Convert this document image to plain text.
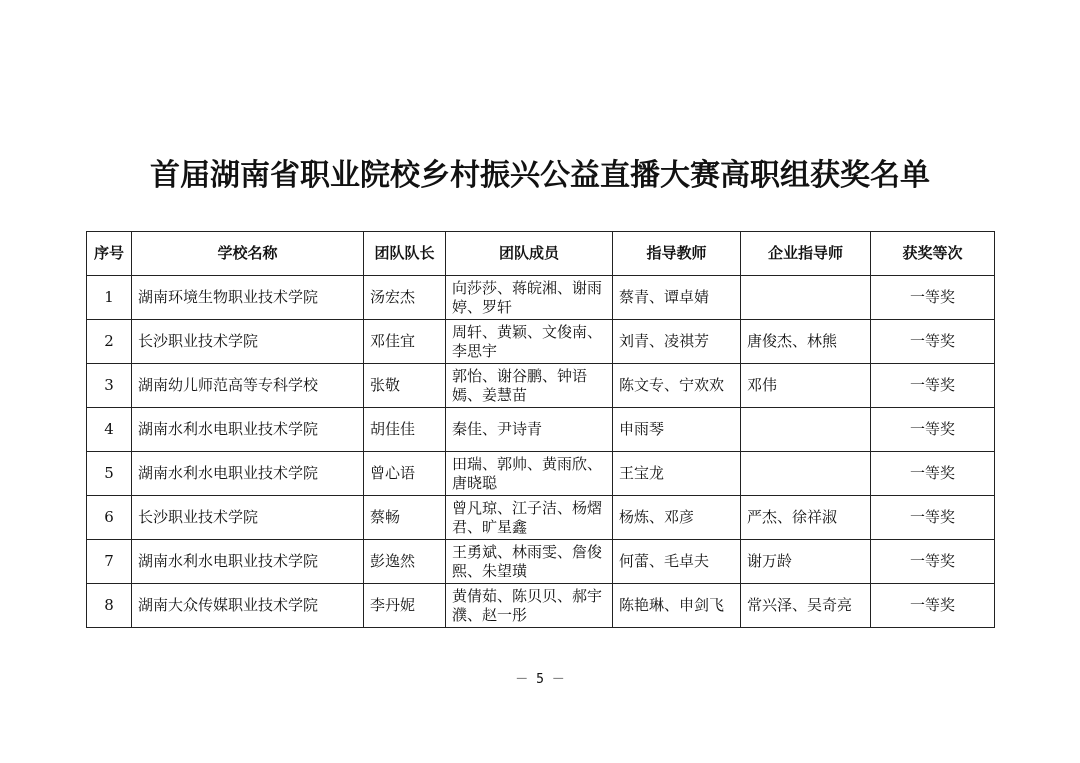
首届湖南省职业院校乡村振兴公益直播大赛高职组获奖名单
序号	学校名称	团队队长	团队成员	指导教师	企业指导师	获奖等次
1	湖南环境生物职业技术学院	汤宏杰	向莎莎、蒋皖湘、谢雨婷、罗轩	蔡青、谭卓婧		一等奖
2	长沙职业技术学院	邓佳宜	周轩、黄颖、文俊南、李思宇	刘青、凌祺芳	唐俊杰、林熊	一等奖
3	湖南幼儿师范高等专科学校	张敬	郭怡、谢谷鹏、钟语嫣、姜慧苗	陈文专、宁欢欢	邓伟	一等奖
4	湖南水利水电职业技术学院	胡佳佳	秦佳、尹诗青	申雨琴		一等奖
5	湖南水利水电职业技术学院	曾心语	田瑞、郭帅、黄雨欣、唐晓聪	王宝龙		一等奖
6	长沙职业技术学院	蔡畅	曾凡琼、江子洁、杨熠君、旷星鑫	杨炼、邓彦	严杰、徐祥淑	一等奖
7	湖南水利水电职业技术学院	彭逸然	王勇斌、林雨雯、詹俊熙、朱望璜	何蕾、毛卓夫	谢万龄	一等奖
8	湖南大众传媒职业技术学院	李丹妮	黄倩茹、陈贝贝、郝宇濮、赵一彤	陈艳琳、申剑飞	常兴泽、吴奇亮	一等奖
－ 5 －
